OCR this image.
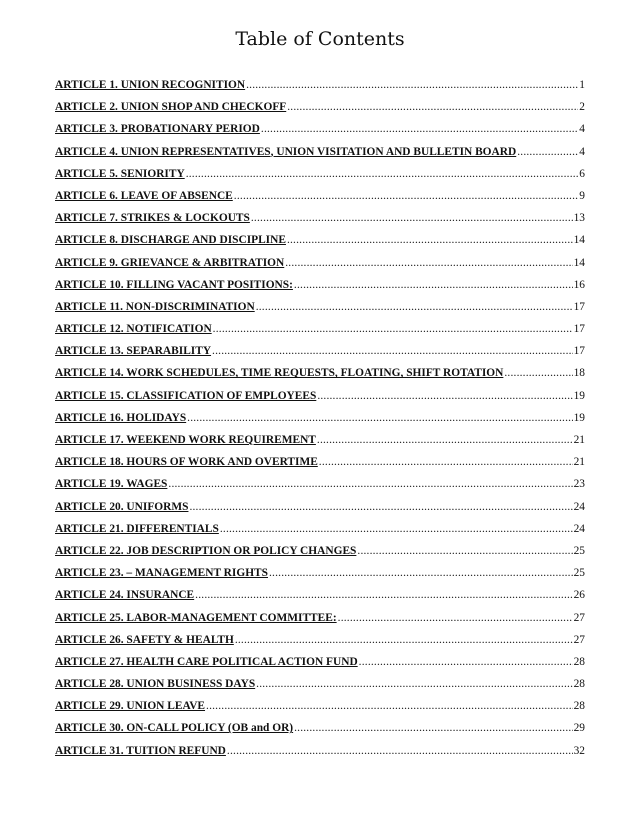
Table of Contents
ARTICLE 1. UNION RECOGNITION .....	1
ARTICLE 2. UNION SHOP AND CHECKOFF .....	2
ARTICLE 3. PROBATIONARY PERIOD .....	4
ARTICLE 4. UNION REPRESENTATIVES, UNION VISITATION AND BULLETIN BOARD .....	4
ARTICLE 5. SENIORITY .....	6
ARTICLE 6. LEAVE OF ABSENCE .....	9
ARTICLE 7. STRIKES & LOCKOUTS .....	13
ARTICLE 8. DISCHARGE AND DISCIPLINE .....	14
ARTICLE 9. GRIEVANCE & ARBITRATION .....	14
ARTICLE 10. FILLING VACANT POSITIONS: .....	16
ARTICLE 11. NON-DISCRIMINATION .....	17
ARTICLE 12. NOTIFICATION .....	17
ARTICLE 13. SEPARABILITY .....	17
ARTICLE 14. WORK SCHEDULES, TIME REQUESTS, FLOATING, SHIFT ROTATION .....	18
ARTICLE 15. CLASSIFICATION OF EMPLOYEES .....	19
ARTICLE 16. HOLIDAYS .....	19
ARTICLE 17. WEEKEND WORK REQUIREMENT .....	21
ARTICLE 18. HOURS OF WORK AND OVERTIME .....	21
ARTICLE 19. WAGES .....	23
ARTICLE 20. UNIFORMS .....	24
ARTICLE 21. DIFFERENTIALS .....	24
ARTICLE 22. JOB DESCRIPTION OR POLICY CHANGES .....	25
ARTICLE 23. – MANAGEMENT RIGHTS .....	25
ARTICLE 24. INSURANCE .....	26
ARTICLE 25. LABOR-MANAGEMENT COMMITTEE: .....	27
ARTICLE 26. SAFETY & HEALTH .....	27
ARTICLE 27. HEALTH CARE POLITICAL ACTION FUND .....	28
ARTICLE 28. UNION BUSINESS DAYS .....	28
ARTICLE 29. UNION LEAVE .....	28
ARTICLE 30. ON-CALL POLICY (OB and OR) .....	29
ARTICLE 31. TUITION REFUND .....	32
